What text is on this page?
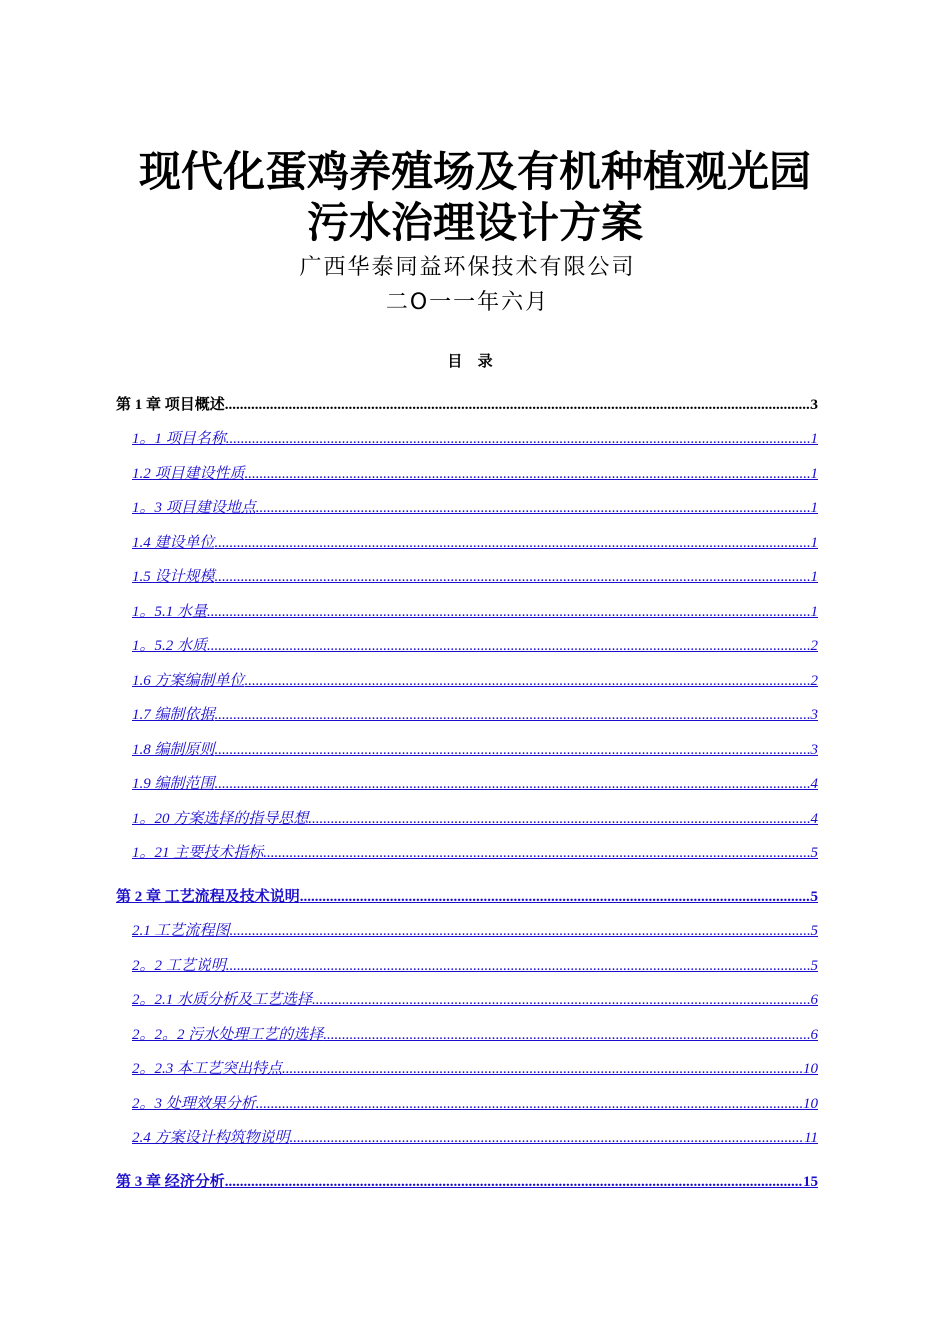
现代化蛋鸡养殖场及有机种植观光园
污水治理设计方案
广西华泰同益环保技术有限公司
二O一一年六月
目 录
第 1 章 项目概述 .....	3
1。1 项目名称 .....	1
1.2 项目建设性质 .....	1
1。3 项目建设地点 .....	1
1.4 建设单位 .....	1
1.5 设计规模 .....	1
1。5.1 水量 .....	1
1。5.2 水质 .....	2
1.6 方案编制单位 .....	2
1.7 编制依据 .....	3
1.8 编制原则 .....	3
1.9 编制范围 .....	4
1。20 方案选择的指导思想 .....	4
1。21 主要技术指标 .....	5
第 2 章 工艺流程及技术说明 .....	5
2.1 工艺流程图 .....	5
2。2 工艺说明 .....	5
2。2.1 水质分析及工艺选择 .....	6
2。2。2 污水处理工艺的选择 .....	6
2。2.3 本工艺突出特点 .....	10
2。3 处理效果分析 .....	10
2.4 方案设计构筑物说明 .....	11
第 3 章 经济分析 .....	15
